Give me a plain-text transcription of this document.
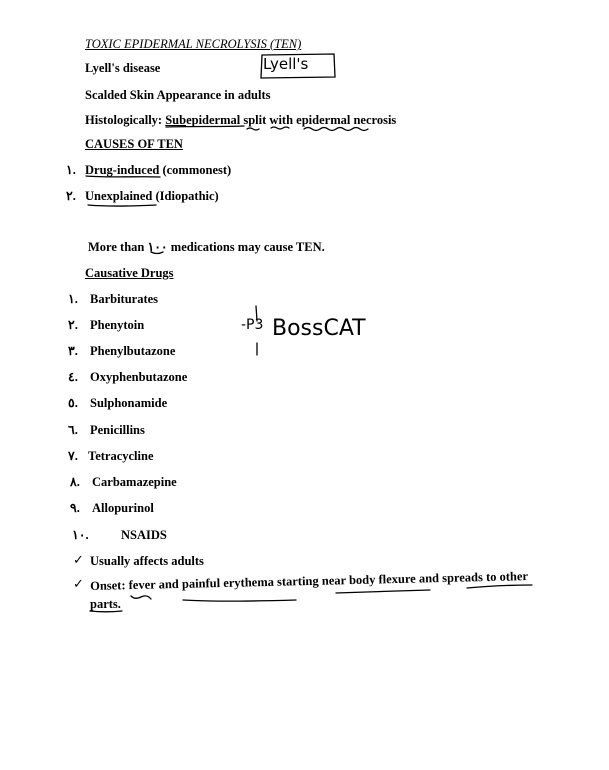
TOXIC EPIDERMAL NECROLYSIS (TEN)
Lyell's disease
Scalded Skin Appearance in adults
Histologically: Subepidermal split with epidermal necrosis
Lyell's
CAUSES OF TEN
١. Drug-induced (commonest)
٢. Unexplained (Idiopathic)
More than ١٠٠ medications may cause TEN.
Causative Drugs
١. Barbiturates
٢. Phenytoin
٣. Phenylbutazone
٤. Oxyphenbutazone
٥. Sulphonamide
٦. Penicillins
٧. Tetracycline
٨. Carbamazepine
٩. Allopurinol
١٠.	NSAIDS
-P3 BossCAT
✓ Usually affects adults
✓ Onset: fever and painful erythema starting near body flexure and spreads to other
parts.
